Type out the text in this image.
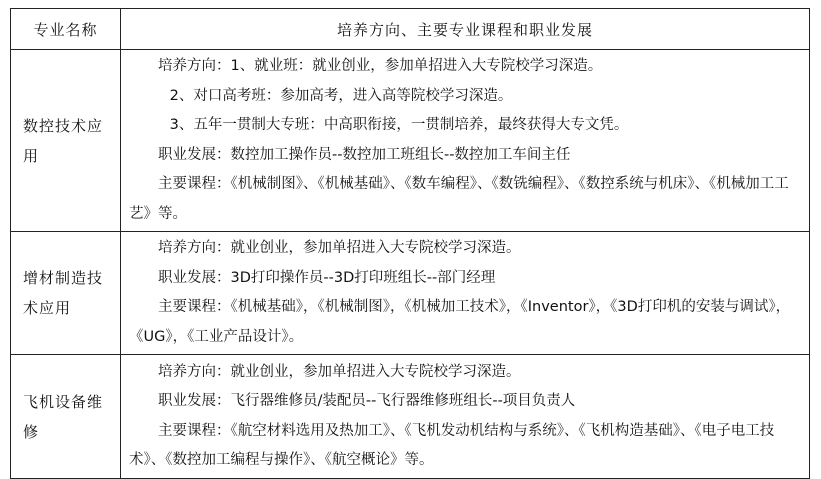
专业名称	培养方向、主要专业课程和职业发展
数控技术应用	培养方向：1、就业班：就业创业，参加单招进入大专院校学习深造。

2、对口高考班：参加高考，进入高等院校学习深造。

3、五年一贯制大专班：中高职衔接，一贯制培养，最终获得大专文凭。

职业发展：数控加工操作员--数控加工班组长--数控加工车间主任

主要课程：《机械制图》、《机械基础》、《数车编程》、《数铣编程》、《数控系统与机床》、《机械加工工艺》等。

增材制造技术应用	培养方向：就业创业，参加单招进入大专院校学习深造。

职业发展：3D打印操作员--3D打印班组长--部门经理

主要课程：《机械基础》，《机械制图》，《机械加工技术》，《Inventor》，《3D打印机的安装与调试》，《UG》，《工业产品设计》。

飞机设备维修	培养方向：就业创业，参加单招进入大专院校学习深造。

职业发展：飞行器维修员/装配员--飞行器维修班组长--项目负责人

主要课程：《航空材料选用及热加工》、《飞机发动机结构与系统》、《飞机构造基础》、《电子电工技术》、《数控加工编程与操作》、《航空概论》等。
